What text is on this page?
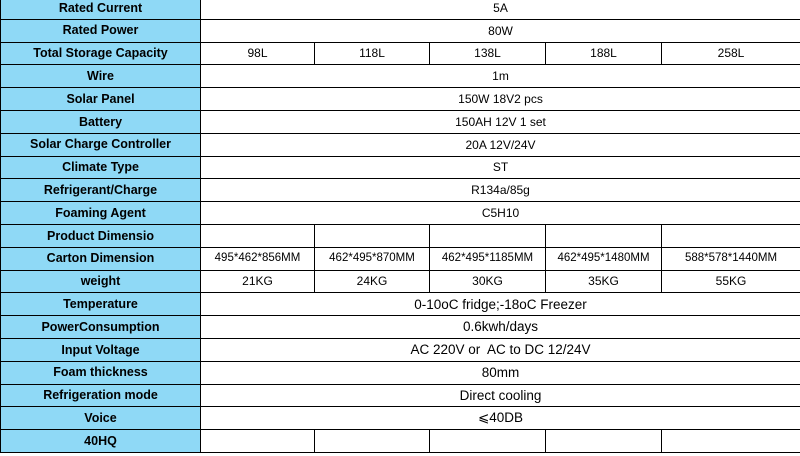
Rated Current	5A				
Rated Power	80W				
Total Storage Capacity	98L	118L	138L	188L	258L
Wire	1m				
Solar Panel	150W 18V2 pcs				
Battery	150AH 12V 1 set				
Solar Charge Controller	20A 12V/24V				
Climate Type	ST				
Refrigerant/Charge	R134a/85g				
Foaming Agent	C5H10				
Product Dimensio					
Carton Dimension	495*462*856MM	462*495*870MM	462*495*1185MM	462*495*1480MM	588*578*1440MM
weight	21KG	24KG	30KG	35KG	55KG
Temperature	0-10oC fridge;-18oC Freezer				
PowerConsumption	0.6kwh/days				
Input Voltage	AC 220V or  AC to DC 12/24V				
Foam thickness	80mm				
Refrigeration mode	Direct cooling				
Voice	⩽40DB				
40HQ					
